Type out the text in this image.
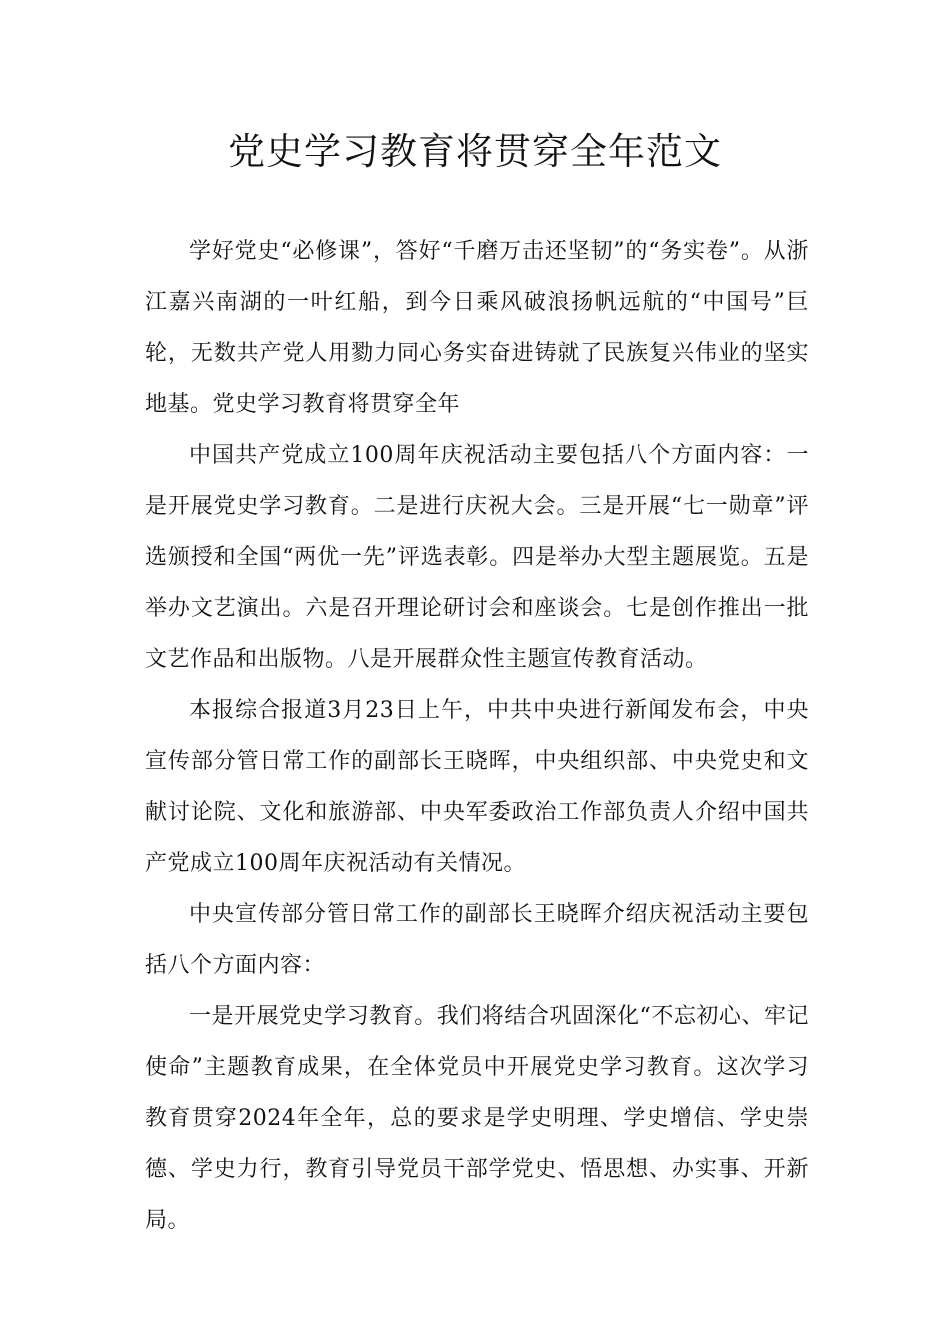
党史学习教育将贯穿全年范文

学好党史“必修课”，答好“千磨万击还坚韧”的“务实卷”。从浙江嘉兴南湖的一叶红船，到今日乘风破浪扬帆远航的“中国号”巨轮，无数共产党人用勠力同心务实奋进铸就了民族复兴伟业的坚实地基。党史学习教育将贯穿全年

中国共产党成立100周年庆祝活动主要包括八个方面内容：一是开展党史学习教育。二是进行庆祝大会。三是开展“七一勋章”评选颁授和全国“两优一先”评选表彰。四是举办大型主题展览。五是举办文艺演出。六是召开理论研讨会和座谈会。七是创作推出一批文艺作品和出版物。八是开展群众性主题宣传教育活动。

本报综合报道3月23日上午，中共中央进行新闻发布会，中央宣传部分管日常工作的副部长王晓晖，中央组织部、中央党史和文献讨论院、文化和旅游部、中央军委政治工作部负责人介绍中国共产党成立100周年庆祝活动有关情况。

中央宣传部分管日常工作的副部长王晓晖介绍庆祝活动主要包括八个方面内容：

一是开展党史学习教育。我们将结合巩固深化“不忘初心、牢记使命”主题教育成果，在全体党员中开展党史学习教育。这次学习教育贯穿2024年全年，总的要求是学史明理、学史增信、学史崇德、学史力行，教育引导党员干部学党史、悟思想、办实事、开新局。
